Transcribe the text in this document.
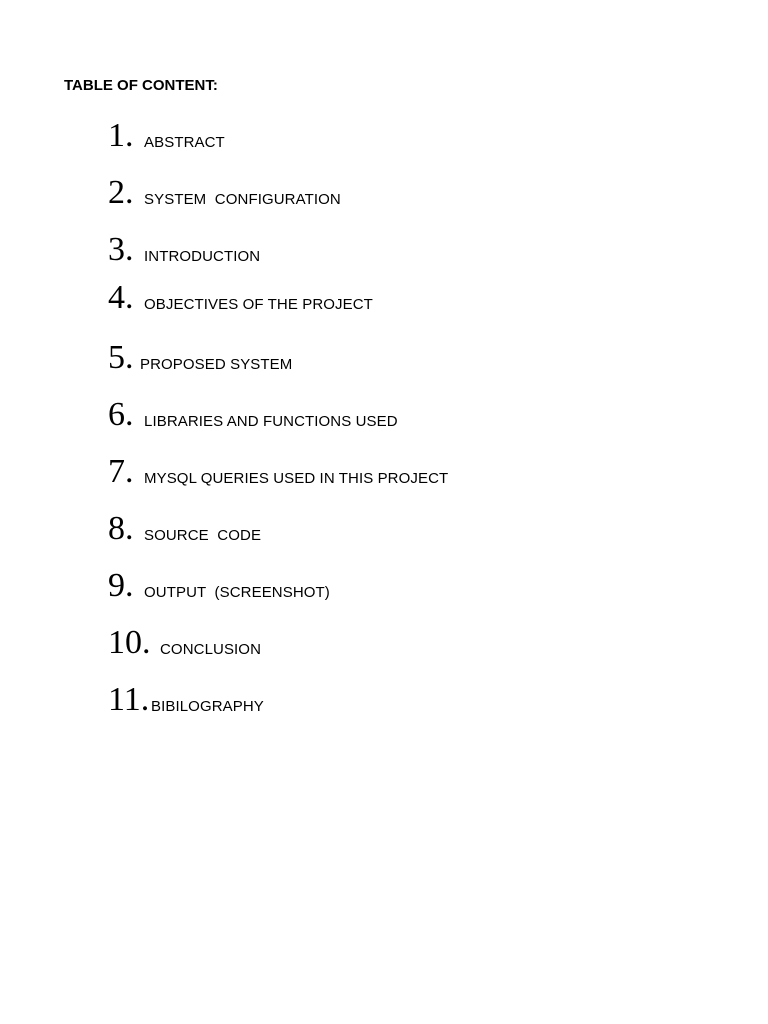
TABLE OF CONTENT:
1. ABSTRACT
2. SYSTEM  CONFIGURATION
3. INTRODUCTION
4. OBJECTIVES OF THE PROJECT
5. PROPOSED SYSTEM
6. LIBRARIES AND FUNCTIONS USED
7. MYSQL QUERIES USED IN THIS PROJECT
8. SOURCE  CODE
9. OUTPUT  (SCREENSHOT)
10. CONCLUSION
11. BIBILOGRAPHY
